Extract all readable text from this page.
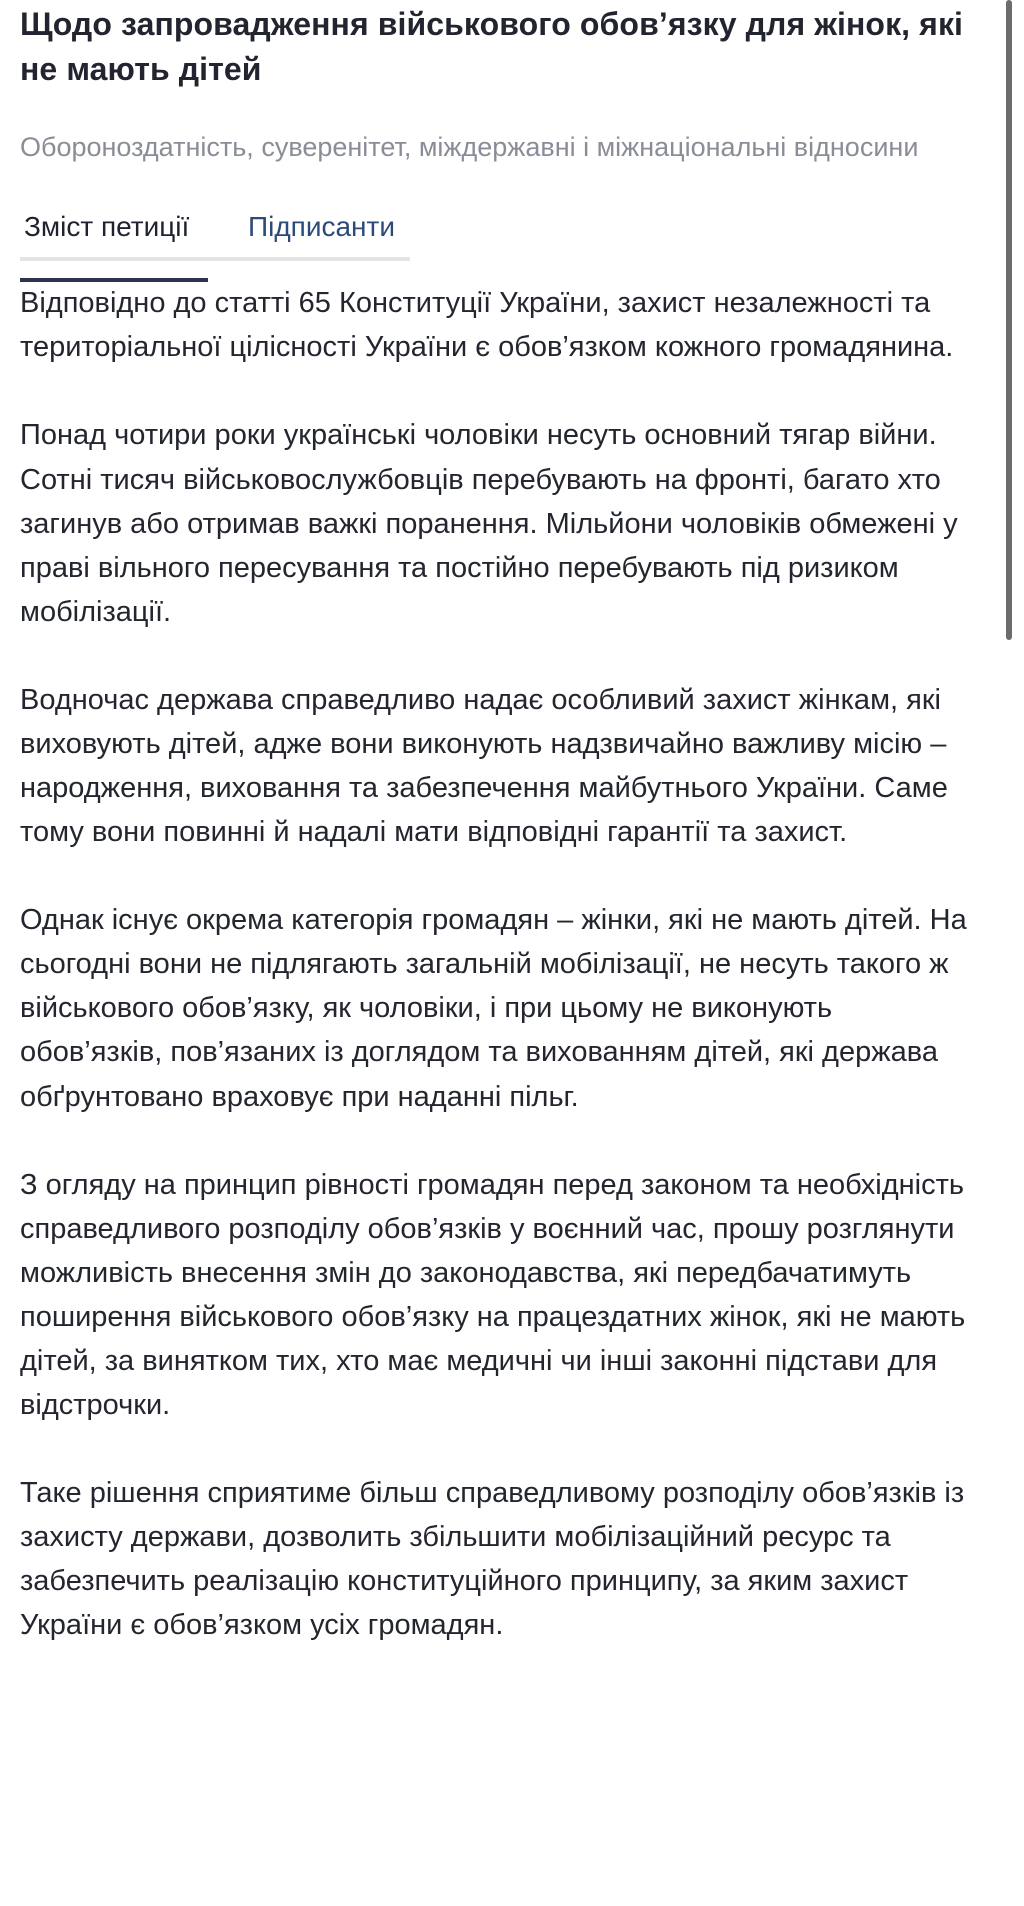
Щодо запровадження військового обов’язку для жінок, які не мають дітей
Обороноздатність, суверенітет, міждержавні і міжнаціональні відносини
Зміст петиції	Підписанти

Відповідно до статті 65 Конституції України, захист незалежності та територіальної цілісності України є обов’язком кожного громадянина.

Понад чотири роки українські чоловіки несуть основний тягар війни. Сотні тисяч військовослужбовців перебувають на фронті, багато хто загинув або отримав важкі поранення. Мільйони чоловіків обмежені у праві вільного пересування та постійно перебувають під ризиком мобілізації.

Водночас держава справедливо надає особливий захист жінкам, які виховують дітей, адже вони виконують надзвичайно важливу місію – народження, виховання та забезпечення майбутнього України. Саме тому вони повинні й надалі мати відповідні гарантії та захист.

Однак існує окрема категорія громадян – жінки, які не мають дітей. На сьогодні вони не підлягають загальній мобілізації, не несуть такого ж військового обов’язку, як чоловіки, і при цьому не виконують обов’язків, пов’язаних із доглядом та вихованням дітей, які держава обґрунтовано враховує при наданні пільг.

З огляду на принцип рівності громадян перед законом та необхідність справедливого розподілу обов’язків у воєнний час, прошу розглянути можливість внесення змін до законодавства, які передбачатимуть поширення військового обов’язку на працездатних жінок, які не мають дітей, за винятком тих, хто має медичні чи інші законні підстави для відстрочки.

Таке рішення сприятиме більш справедливому розподілу обов’язків із захисту держави, дозволить збільшити мобілізаційний ресурс та забезпечить реалізацію конституційного принципу, за яким захист України є обов’язком усіх громадян.
